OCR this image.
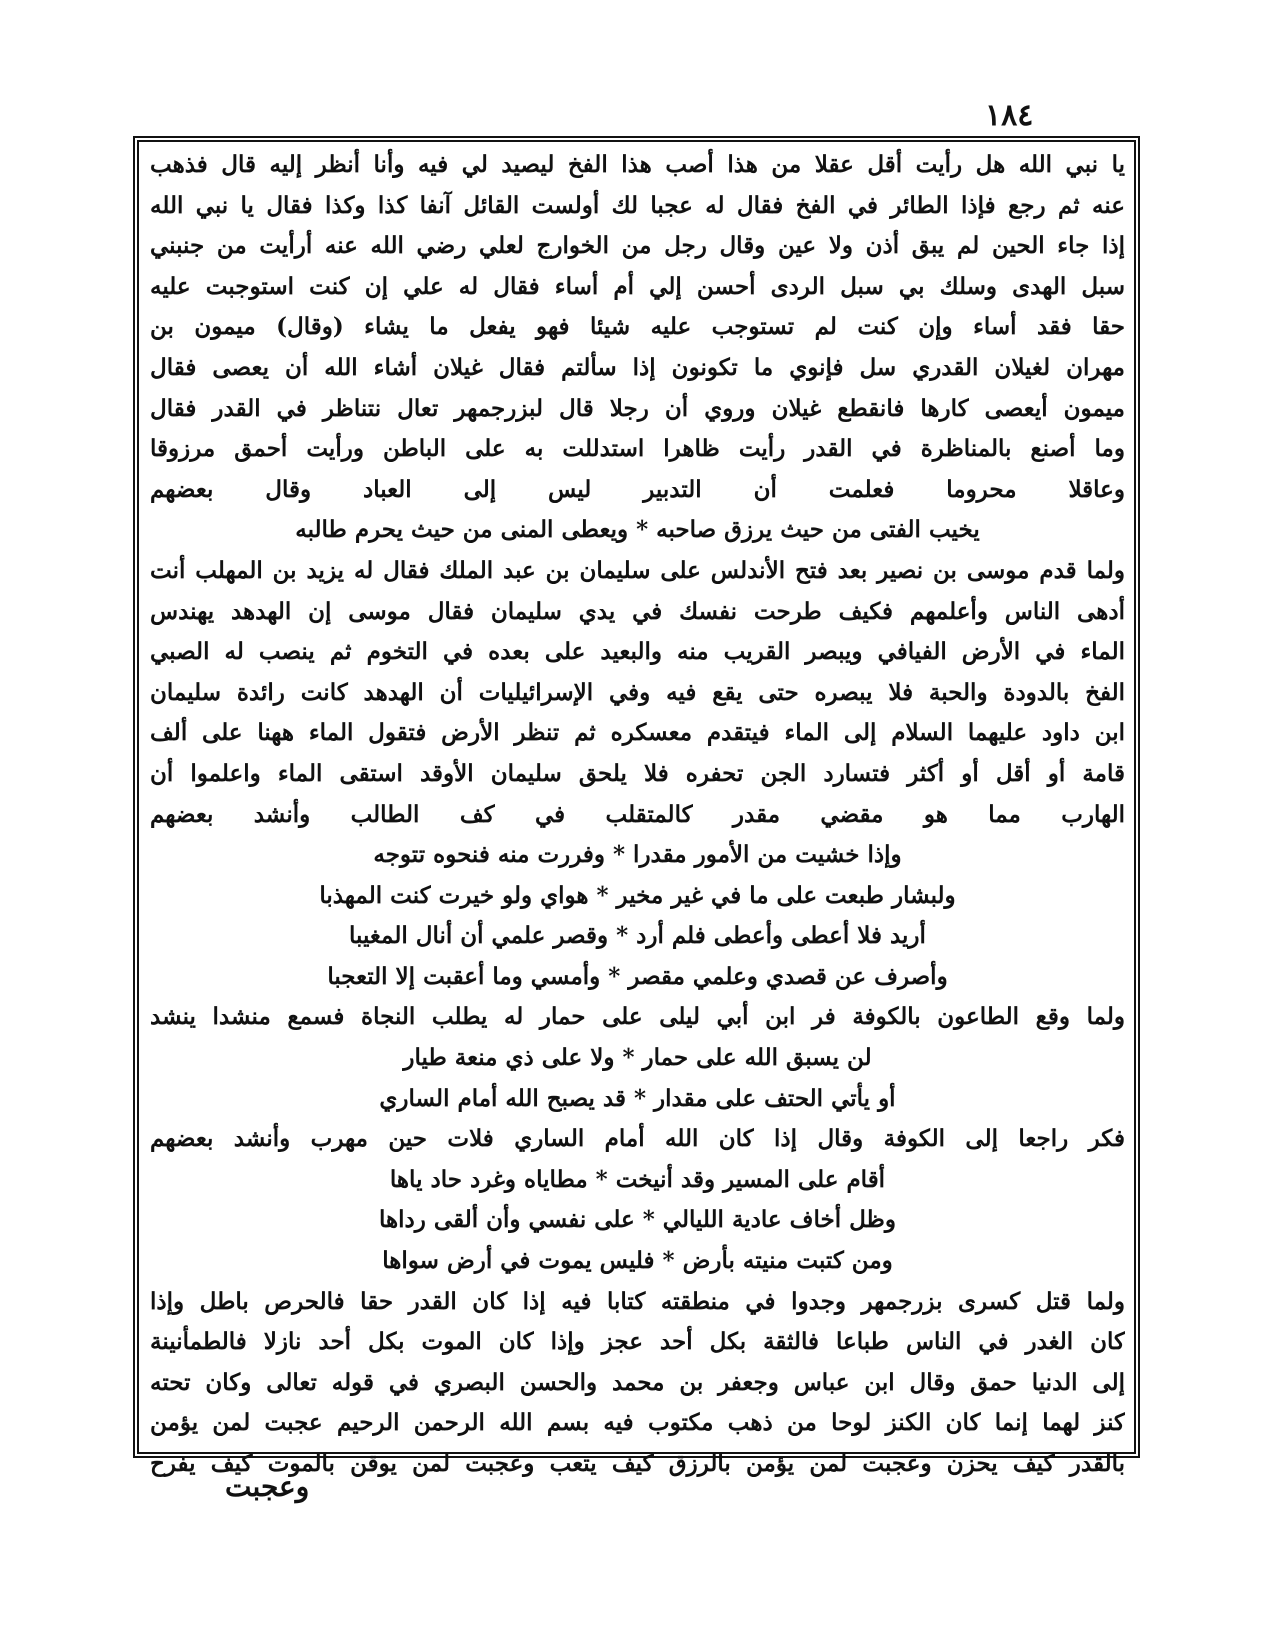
١٨٤
يا نبي الله هل رأيت أقل عقلا من هذا أصب هذا الفخ ليصيد لي فيه وأنا أنظر إليه قال فذهب
عنه ثم رجع فإذا الطائر في الفخ فقال له عجبا لك أولست القائل آنفا كذا وكذا فقال يا نبي الله
إذا جاء الحين لم يبق أذن ولا عين وقال رجل من الخوارج لعلي رضي الله عنه أرأيت من جنبني
سبل الهدى وسلك بي سبل الردى أحسن إلي أم أساء فقال له علي إن كنت استوجبت عليه
حقا فقد أساء وإن كنت لم تستوجب عليه شيئا فهو يفعل ما يشاء (وقال) ميمون بن
مهران لغيلان القدري سل فإنوي ما تكونون إذا سألتم فقال غيلان أشاء الله أن يعصى فقال
ميمون أيعصى كارها فانقطع غيلان وروي أن رجلا قال لبزرجمهر تعال نتناظر في القدر فقال
وما أصنع بالمناظرة في القدر رأيت ظاهرا استدللت به على الباطن ورأيت أحمق مرزوقا
وعاقلا محروما فعلمت أن التدبير ليس إلى العباد وقال بعضهم
يخيب الفتى من حيث يرزق صاحبه * ويعطى المنى من حيث يحرم طالبه
ولما قدم موسى بن نصير بعد فتح الأندلس على سليمان بن عبد الملك فقال له يزيد بن المهلب أنت
أدهى الناس وأعلمهم فكيف طرحت نفسك في يدي سليمان فقال موسى إن الهدهد يهندس
الماء في الأرض الفيافي ويبصر القريب منه والبعيد على بعده في التخوم ثم ينصب له الصبي
الفخ بالدودة والحبة فلا يبصره حتى يقع فيه وفي الإسرائيليات أن الهدهد كانت رائدة سليمان
ابن داود عليهما السلام إلى الماء فيتقدم معسكره ثم تنظر الأرض فتقول الماء ههنا على ألف
قامة أو أقل أو أكثر فتسارد الجن تحفره فلا يلحق سليمان الأوقد استقى الماء واعلموا أن
الهارب مما هو مقضي مقدر كالمتقلب في كف الطالب وأنشد بعضهم
وإذا خشيت من الأمور مقدرا * وفررت منه فنحوه تتوجه
ولبشار طبعت على ما في غير مخير * هواي ولو خيرت كنت المهذبا
أريد فلا أعطى وأعطى فلم أرد * وقصر علمي أن أنال المغيبا
وأصرف عن قصدي وعلمي مقصر * وأمسي وما أعقبت إلا التعجبا
ولما وقع الطاعون بالكوفة فر ابن أبي ليلى على حمار له يطلب النجاة فسمع منشدا ينشد
لن يسبق الله على حمار * ولا على ذي منعة طيار
أو يأتي الحتف على مقدار * قد يصبح الله أمام الساري
فكر راجعا إلى الكوفة وقال إذا كان الله أمام الساري فلات حين مهرب وأنشد بعضهم
أقام على المسير وقد أنيخت * مطاياه وغرد حاد ياها
وظل أخاف عادية الليالي * على نفسي وأن ألقى رداها
ومن كتبت منيته بأرض * فليس يموت في أرض سواها
ولما قتل كسرى بزرجمهر وجدوا في منطقته كتابا فيه إذا كان القدر حقا فالحرص باطل وإذا
كان الغدر في الناس طباعا فالثقة بكل أحد عجز وإذا كان الموت بكل أحد نازلا فالطمأنينة
إلى الدنيا حمق وقال ابن عباس وجعفر بن محمد والحسن البصري في قوله تعالى وكان تحته
كنز لهما إنما كان الكنز لوحا من ذهب مكتوب فيه بسم الله الرحمن الرحيم عجبت لمن يؤمن
بالقدر كيف يحزن وعجبت لمن يؤمن بالرزق كيف يتعب وعجبت لمن يوقن بالموت كيف يفرح
وعجبت
